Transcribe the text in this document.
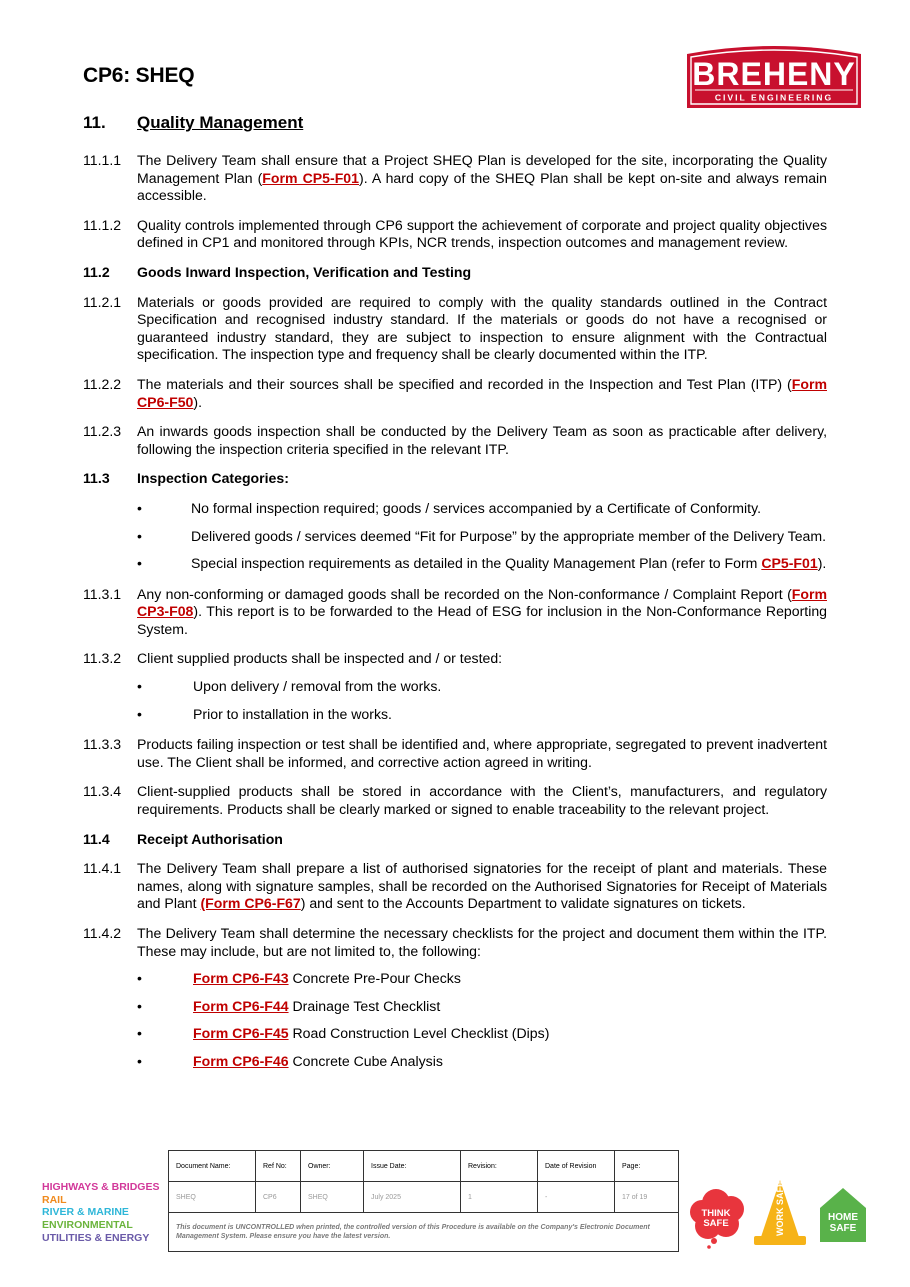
CP6: SHEQ	BREHENY
CIVIL ENGINEERING
11. Quality Management
11.1.1	The Delivery Team shall ensure that a Project SHEQ Plan is developed for the site, incorporating the Quality Management Plan (Form CP5-F01). A hard copy of the SHEQ Plan shall be kept on-site and always remain accessible.
11.1.2	Quality controls implemented through CP6 support the achievement of corporate and project quality objectives defined in CP1 and monitored through KPIs, NCR trends, inspection outcomes and management review.
11.2	Goods Inward Inspection, Verification and Testing
11.2.1	Materials or goods provided are required to comply with the quality standards outlined in the Contract Specification and recognised industry standard. If the materials or goods do not have a recognised or guaranteed industry standard, they are subject to inspection to ensure alignment with the Contractual specification. The inspection type and frequency shall be clearly documented within the ITP.
11.2.2	The materials and their sources shall be specified and recorded in the Inspection and Test Plan (ITP) (Form CP6-F50).
11.2.3	An inwards goods inspection shall be conducted by the Delivery Team as soon as practicable after delivery, following the inspection criteria specified in the relevant ITP.
11.3	Inspection Categories:
•	No formal inspection required; goods / services accompanied by a Certificate of Conformity.
•	Delivered goods / services deemed “Fit for Purpose” by the appropriate member of the Delivery Team.
•	Special inspection requirements as detailed in the Quality Management Plan (refer to Form CP5-F01).
11.3.1	Any non-conforming or damaged goods shall be recorded on the Non-conformance / Complaint Report (Form CP3-F08). This report is to be forwarded to the Head of ESG for inclusion in the Non-Conformance Reporting System.
11.3.2	Client supplied products shall be inspected and / or tested:
•	Upon delivery / removal from the works.
•	Prior to installation in the works.
11.3.3	Products failing inspection or test shall be identified and, where appropriate, segregated to prevent inadvertent use. The Client shall be informed, and corrective action agreed in writing.
11.3.4	Client-supplied products shall be stored in accordance with the Client’s, manufacturers, and regulatory requirements. Products shall be clearly marked or signed to enable traceability to the relevant project.
11.4	Receipt Authorisation
11.4.1	The Delivery Team shall prepare a list of authorised signatories for the receipt of plant and materials. These names, along with signature samples, shall be recorded on the Authorised Signatories for Receipt of Materials and Plant (Form CP6-F67) and sent to the Accounts Department to validate signatures on tickets.
11.4.2	The Delivery Team shall determine the necessary checklists for the project and document them within the ITP. These may include, but are not limited to, the following:
•	Form CP6-F43 Concrete Pre-Pour Checks
•	Form CP6-F44 Drainage Test Checklist
•	Form CP6-F45 Road Construction Level Checklist (Dips)
•	Form CP6-F46 Concrete Cube Analysis
HIGHWAYS & BRIDGES
RAIL
RIVER & MARINE
ENVIRONMENTAL
UTILITIES & ENERGY
Document Name:	Ref No:	Owner:	Issue Date:	Revision:	Date of Revision	Page:
SHEQ	CP6	SHEQ	July 2025	1	-	17 of 19
This document is UNCONTROLLED when printed, the controlled version of this Procedure is available on the Company's Electronic Document Management System. Please ensure you have the latest version.						
THINK
SAFE	WORK SAFE	HOME
SAFE
